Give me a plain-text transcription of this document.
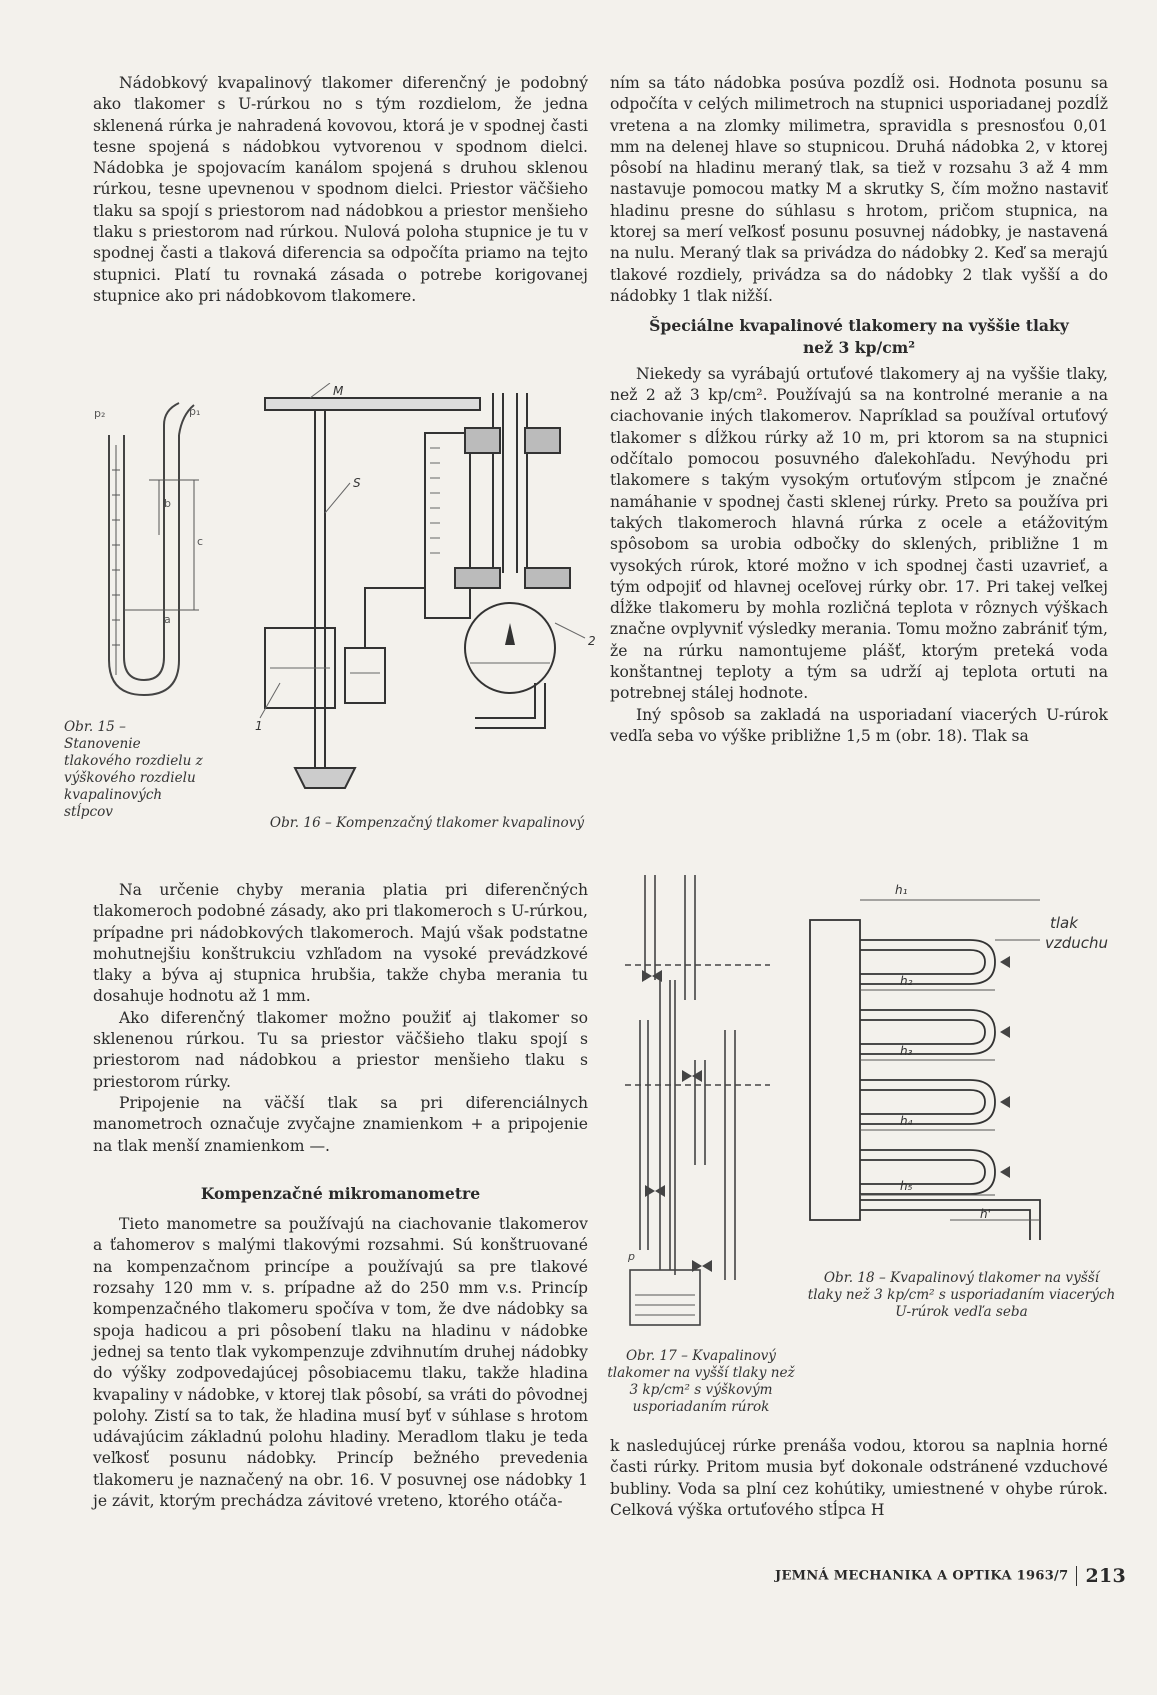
Nádobkový kvapalinový tlakomer diferenčný je podobný ako tlakomer s U-rúrkou no s tým rozdielom, že jedna sklenená rúrka je nahradená kovovou, ktorá je v spodnej časti tesne spojená s nádobkou vytvorenou v spodnom dielci. Nádobka je spojovacím kanálom spojená s druhou sklenou rúrkou, tesne upevnenou v spodnom dielci. Priestor väčšieho tlaku sa spojí s priestorom nad nádobkou a priestor menšieho tlaku s priestorom nad rúrkou. Nulová poloha stupnice je tu v spodnej časti a tlaková diferencia sa odpočíta priamo na tejto stupnici. Platí tu rovnaká zásada o potrebe korigovanej stupnice ako pri nádobkovom tlakomere.

ním sa táto nádobka posúva pozdĺž osi. Hodnota posunu sa odpočíta v celých milimetroch na stupnici usporiadanej pozdĺž vretena a na zlomky milimetra, spravidla s presnosťou 0,01 mm na delenej hlave so stupnicou. Druhá nádobka 2, v ktorej pôsobí na hladinu meraný tlak, sa tiež v rozsahu 3 až 4 mm nastavuje pomocou matky M a skrutky S, čím možno nastaviť hladinu presne do súhlasu s hrotom, pričom stupnica, na ktorej sa merí veľkosť posunu posuvnej nádobky, je nastavená na nulu. Meraný tlak sa privádza do nádobky 2. Keď sa merajú tlakové rozdiely, privádza sa do nádobky 2 tlak vyšší a do nádobky 1 tlak nižší.

Špeciálne kvapalinové tlakomery na vyššie tlaky
než 3 kp/cm²

Niekedy sa vyrábajú ortuťové tlakomery aj na vyššie tlaky, než 2 až 3 kp/cm². Používajú sa na kontrolné meranie a na ciachovanie iných tlakomerov. Napríklad sa používal ortuťový tlakomer s dĺžkou rúrky až 10 m, pri ktorom sa na stupnici odčítalo pomocou posuvného ďalekohľadu. Nevýhodu pri tlakomere s takým vysokým ortuťovým stĺpcom je značné namáhanie v spodnej časti sklenej rúrky. Preto sa používa pri takých tlakomeroch hlavná rúrka z ocele a etážovitým spôsobom sa urobia odbočky do sklených, približne 1 m vysokých rúrok, ktoré možno v ich spodnej časti uzavrieť, a tým odpojiť od hlavnej oceľovej rúrky obr. 17. Pri takej veľkej dĺžke tlakomeru by mohla rozličná teplota v rôznych výškach značne ovplyvniť výsledky merania. Tomu možno zabrániť tým, že na rúrku namontujeme plášť, ktorým preteká voda konštantnej teploty a tým sa udrží aj teplota ortuti na potrebnej stálej hodnote.

Iný spôsob sa zakladá na usporiadaní viacerých U-rúrok vedľa seba vo výške približne 1,5 m (obr. 18). Tlak sa

p₂	p₁
b
c
a
Obr. 15 – Stanovenie tlakového rozdielu z výškového rozdielu kvapalinových stĺpcov
M
S
1
2
Obr. 16 – Kompenzačný tlakomer kvapalinový

Na určenie chyby merania platia pri diferenčných tlakomeroch podobné zásady, ako pri tlakomeroch s U-rúrkou, prípadne pri nádobkových tlakomeroch. Majú však podstatne mohutnejšiu konštrukciu vzhľadom na vysoké prevádzkové tlaky a býva aj stupnica hrubšia, takže chyba merania tu dosahuje hodnotu až 1 mm.

Ako diferenčný tlakomer možno použiť aj tlakomer so sklenenou rúrkou. Tu sa priestor väčšieho tlaku spojí s priestorom nad nádobkou a priestor menšieho tlaku s priestorom rúrky.

Pripojenie na väčší tlak sa pri diferenciálnych manometroch označuje zvyčajne znamienkom + a pripojenie na tlak menší znamienkom —.

Kompenzačné mikromanometre

Tieto manometre sa používajú na ciachovanie tlakomerov a ťahomerov s malými tlakovými rozsahmi. Sú konštruované na kompenzačnom princípe a používajú sa pre tlakové rozsahy 120 mm v. s. prípadne až do 250 mm v.s. Princíp kompenzačného tlakomeru spočíva v tom, že dve nádobky sa spoja hadicou a pri pôsobení tlaku na hladinu v nádobke jednej sa tento tlak vykompenzuje zdvihnutím druhej nádobky do výšky zodpovedajúcej pôsobiacemu tlaku, takže hladina kvapaliny v nádobke, v ktorej tlak pôsobí, sa vráti do pôvodnej polohy. Zistí sa to tak, že hladina musí byť v súhlase s hrotom udávajúcim základnú polohu hladiny. Meradlom tlaku je teda veľkosť posunu nádobky. Princíp bežného prevedenia tlakomeru je naznačený na obr. 16. V posuvnej ose nádobky 1 je závit, ktorým prechádza závitové vreteno, ktorého otáča-

p
Obr. 17 – Kvapalinový tlakomer na vyšší tlaky než 3 kp/cm² s výškovým usporiadaním rúrok
h₁
h₂
h₃
h₄
h₅
h'
tlak
vzduchu
Obr. 18 – Kvapalinový tlakomer na vyšší tlaky než 3 kp/cm² s usporiadaním viacerých U-rúrok vedľa seba

k nasledujúcej rúrke prenáša vodou, ktorou sa naplnia horné časti rúrky. Pritom musia byť dokonale odstránené vzduchové bubliny. Voda sa plní cez kohútiky, umiestnené v ohybe rúrok. Celková výška ortuťového stĺpca H

JEMNÁ MECHANIKA A OPTIKA 1963/7 213
